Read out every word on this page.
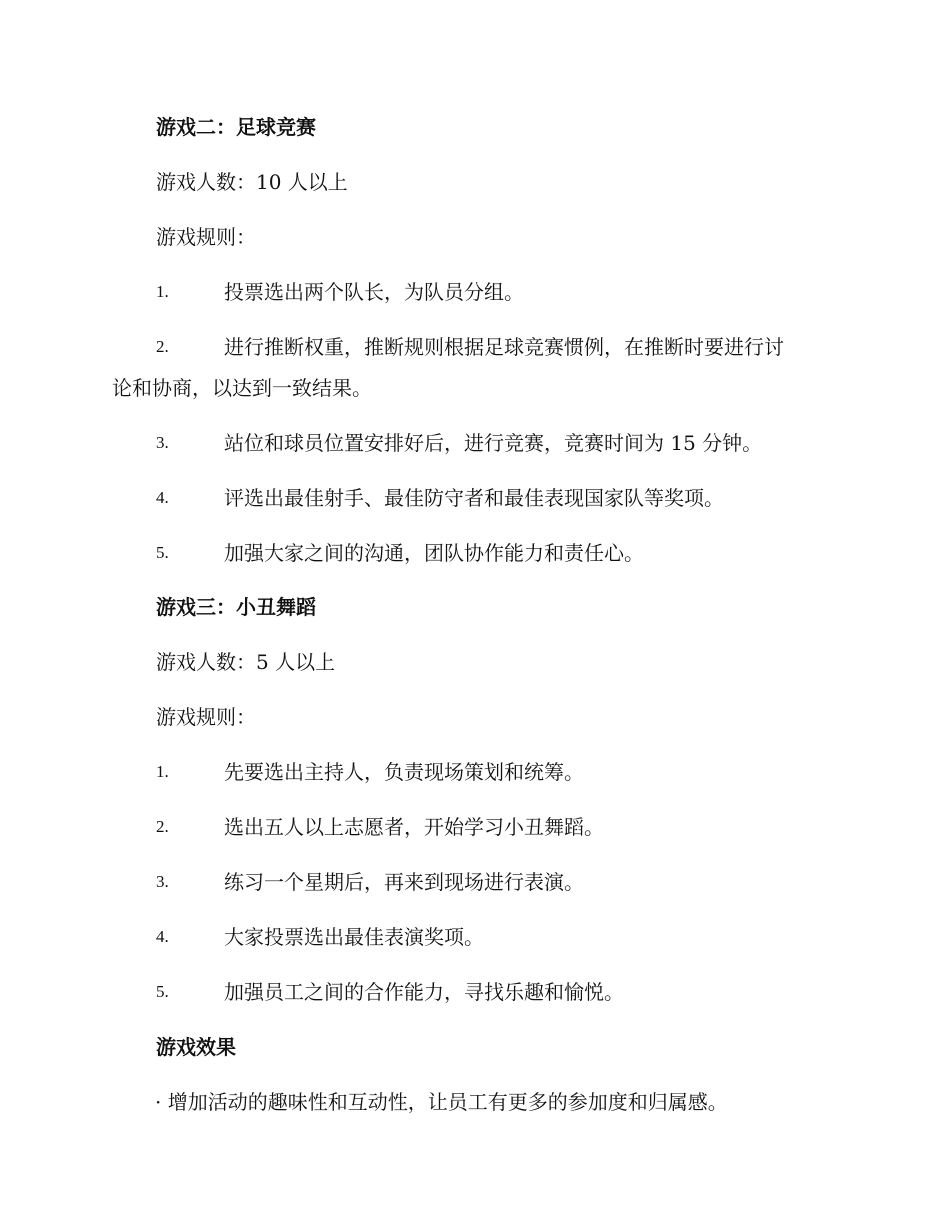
游戏二：足球竞赛
游戏人数：10 人以上
游戏规则：
1.	投票选出两个队长，为队员分组。
2.	进行推断权重，推断规则根据足球竞赛惯例，在推断时要进行讨
论和协商，以达到一致结果。
3.	站位和球员位置安排好后，进行竞赛，竞赛时间为 15 分钟。
4.	评选出最佳射手、最佳防守者和最佳表现国家队等奖项。
5.	加强大家之间的沟通，团队协作能力和责任心。
游戏三：小丑舞蹈
游戏人数：5 人以上
游戏规则：
1.	先要选出主持人，负责现场策划和统筹。
2.	选出五人以上志愿者，开始学习小丑舞蹈。
3.	练习一个星期后，再来到现场进行表演。
4.	大家投票选出最佳表演奖项。
5.	加强员工之间的合作能力，寻找乐趣和愉悦。
游戏效果
· 增加活动的趣味性和互动性，让员工有更多的参加度和归属感。
